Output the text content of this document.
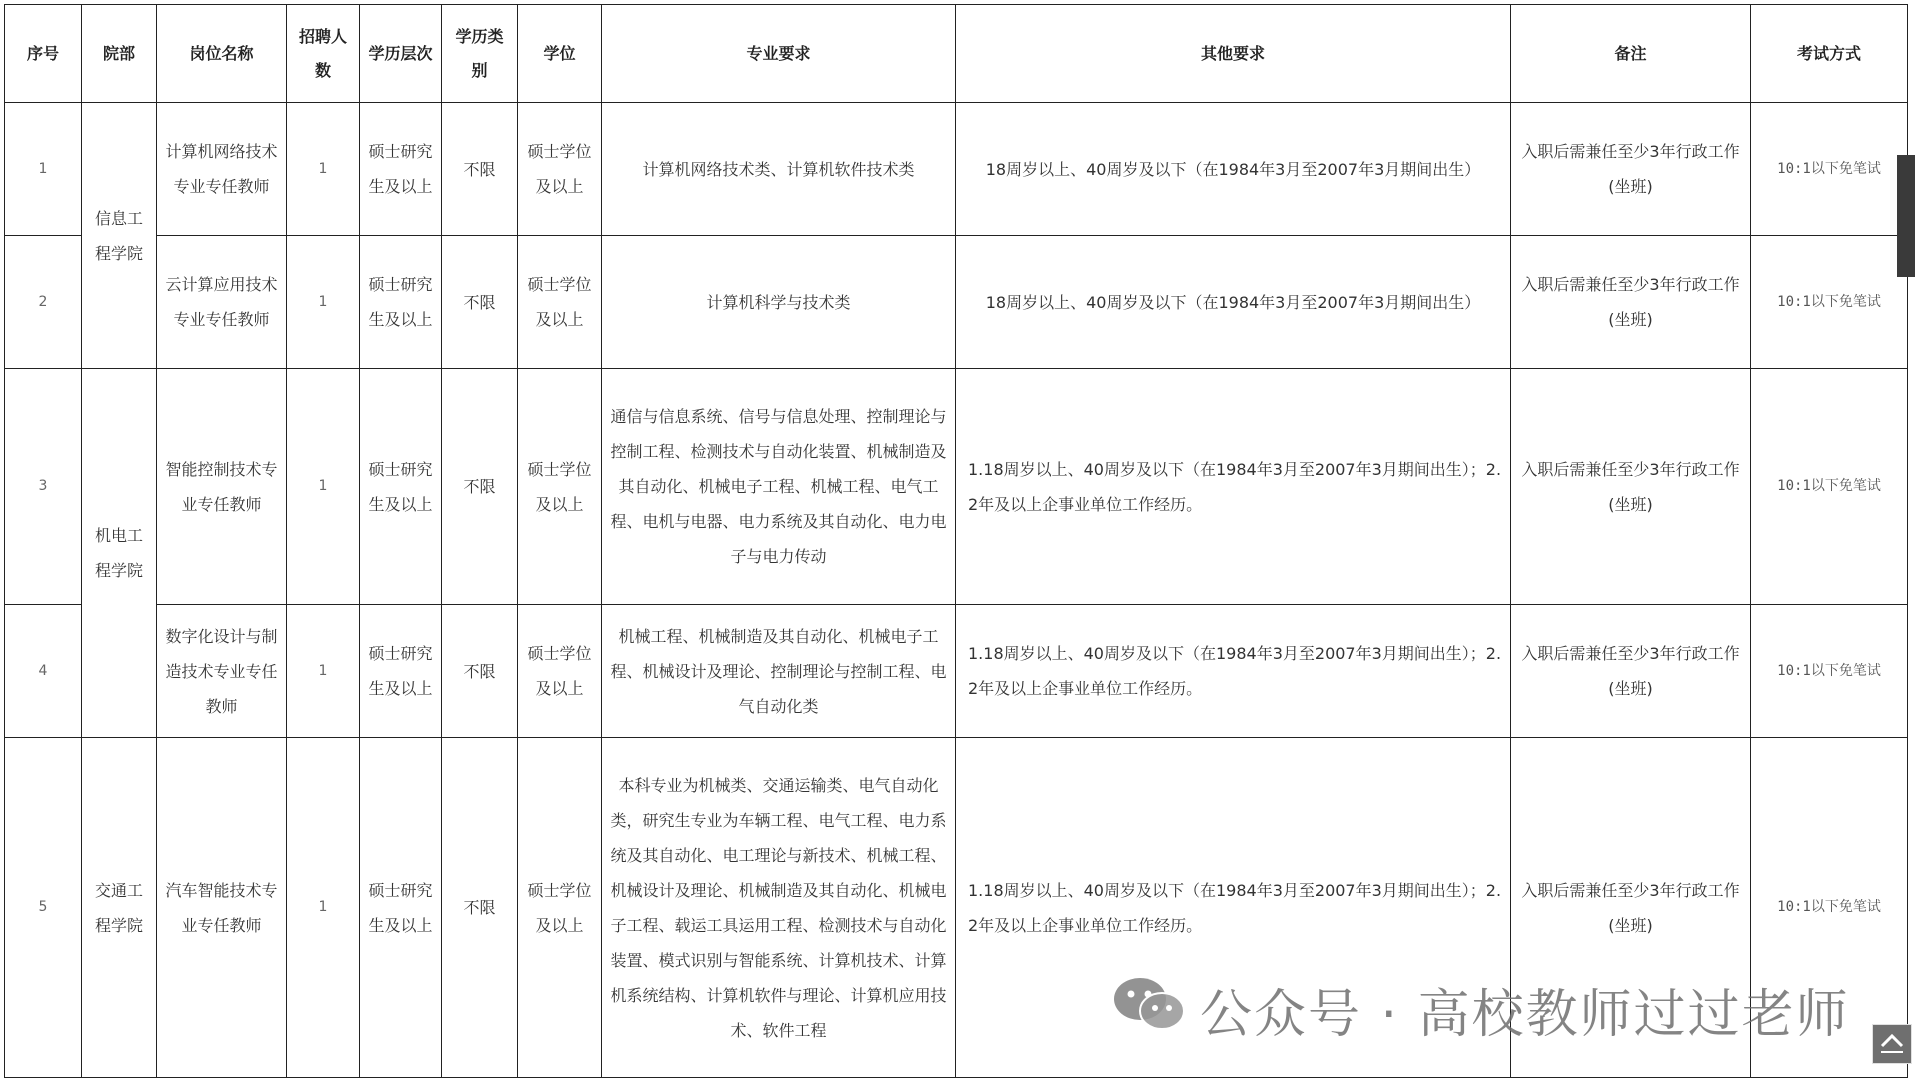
序号	院部	岗位名称	招聘人数	学历层次	学历类别	学位	专业要求	其他要求	备注	考试方式
1	信息工程学院	计算机网络技术专业专任教师	1	硕士研究生及以上	不限	硕士学位及以上	计算机网络技术类、计算机软件技术类	18周岁以上、40周岁及以下（在1984年3月至2007年3月期间出生）	入职后需兼任至少3年行政工作(坐班)	10:1以下免笔试
2		云计算应用技术专业专任教师	1	硕士研究生及以上	不限	硕士学位及以上	计算机科学与技术类	18周岁以上、40周岁及以下（在1984年3月至2007年3月期间出生）	入职后需兼任至少3年行政工作(坐班)	10:1以下免笔试
3	机电工程学院	智能控制技术专业专任教师	1	硕士研究生及以上	不限	硕士学位及以上	通信与信息系统、信号与信息处理、控制理论与控制工程、检测技术与自动化装置、机械制造及其自动化、机械电子工程、机械工程、电气工程、电机与电器、电力系统及其自动化、电力电子与电力传动	1.18周岁以上、40周岁及以下（在1984年3月至2007年3月期间出生）；2.2年及以上企事业单位工作经历。	入职后需兼任至少3年行政工作(坐班)	10:1以下免笔试
4		数字化设计与制造技术专业专任教师	1	硕士研究生及以上	不限	硕士学位及以上	机械工程、机械制造及其自动化、机械电子工程、机械设计及理论、控制理论与控制工程、电气自动化类	1.18周岁以上、40周岁及以下（在1984年3月至2007年3月期间出生）；2.2年及以上企事业单位工作经历。	入职后需兼任至少3年行政工作(坐班)	10:1以下免笔试
5	交通工程学院	汽车智能技术专业专任教师	1	硕士研究生及以上	不限	硕士学位及以上	本科专业为机械类、交通运输类、电气自动化类，研究生专业为车辆工程、电气工程、电力系统及其自动化、电工理论与新技术、机械工程、机械设计及理论、机械制造及其自动化、机械电子工程、载运工具运用工程、检测技术与自动化装置、模式识别与智能系统、计算机技术、计算机系统结构、计算机软件与理论、计算机应用技术、软件工程	1.18周岁以上、40周岁及以下（在1984年3月至2007年3月期间出生）；2.2年及以上企事业单位工作经历。	入职后需兼任至少3年行政工作(坐班)	10:1以下免笔试
公众号 · 高校教师过过老师
